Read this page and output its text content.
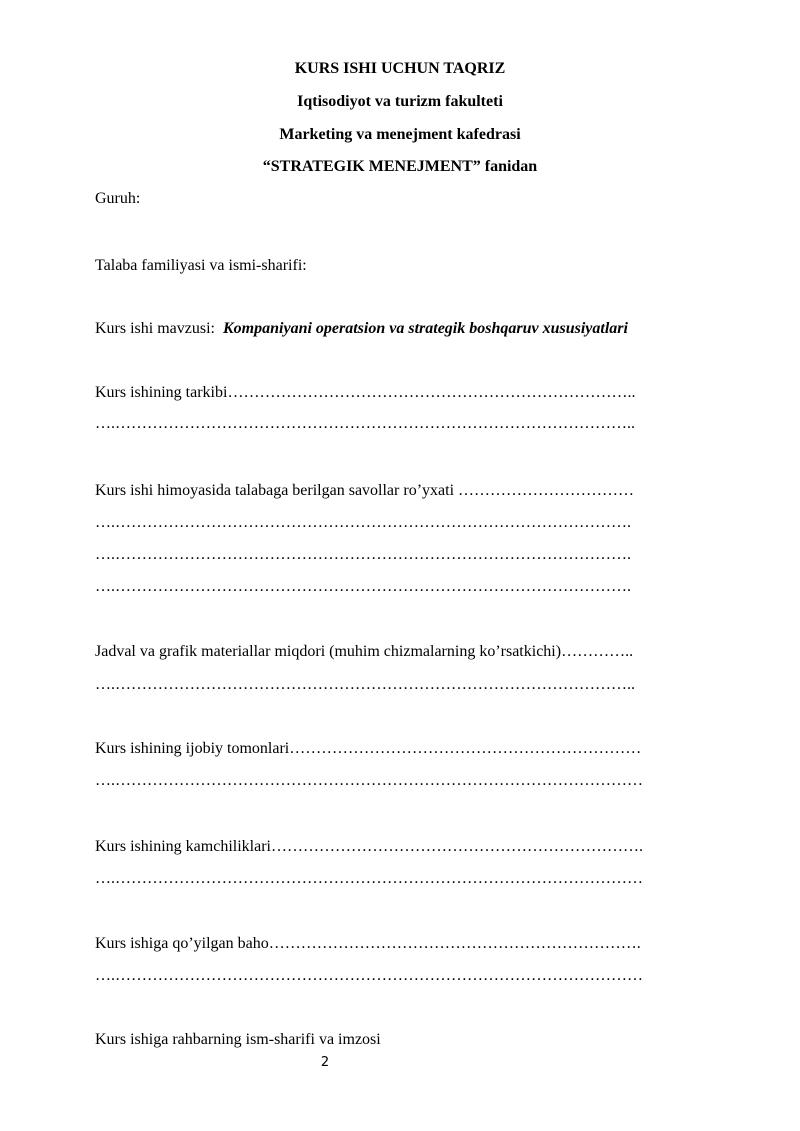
KURS ISHI UCHUN TAQRIZ
Iqtisodiyot va turizm fakulteti
Marketing va menejment kafedrasi
“STRATEGIK MENEJMENT” fanidan
Guruh:
Talaba familiyasi va ismi-sharifi:
Kurs ishi mavzusi: Kompaniyani operatsion va strategik boshqaruv xususiyatlari
Kurs ishining tarkibi…………………………………………………………………..
….……………………………………………………………………………………..
Kurs ishi himoyasida talabaga berilgan savollar ro’yxati ……………………………
….…………………………………………………………………………………….
….…………………………………………………………………………………….
….…………………………………………………………………………………….
Jadval va grafik materiallar miqdori (muhim chizmalarning ko’rsatkichi)…………..
….……………………………………………………………………………………..
Kurs ishining ijobiy tomonlari…………………………………………………………
….………………………………………………………………………………………
Kurs ishining kamchiliklari…………………………………………………………….
….………………………………………………………………………………………
Kurs ishiga qo’yilgan baho…………………………………………………………….
….………………………………………………………………………………………
Kurs ishiga rahbarning ism-sharifi va imzosi
2
